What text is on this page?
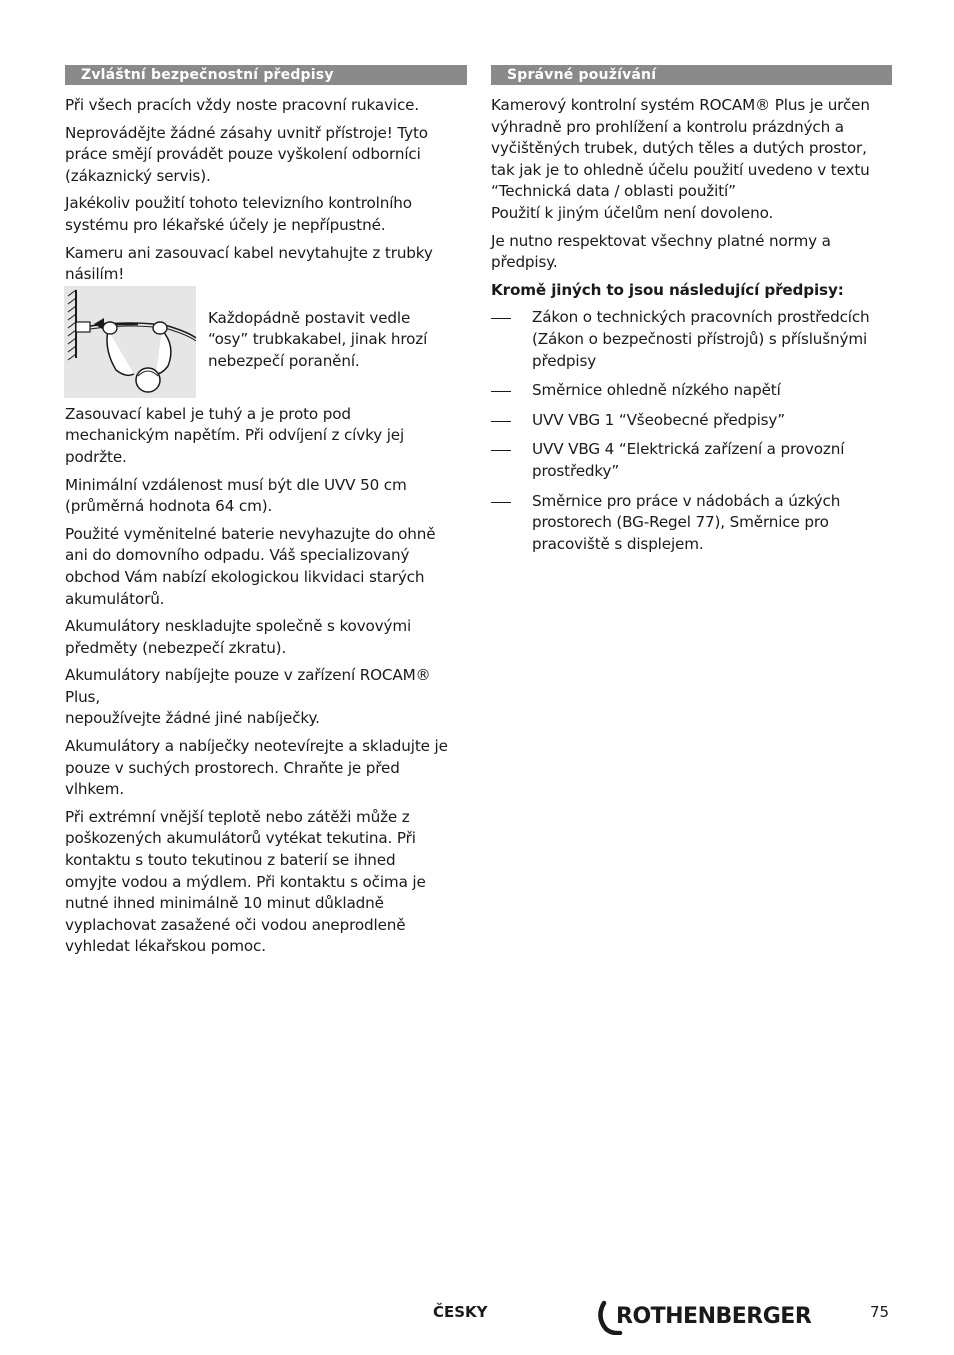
Zvláštní bezpečnostní předpisy

Při všech pracích vždy noste pracovní rukavice.

Neprovádějte žádné zásahy uvnitř přístroje! Tyto
práce smějí provádět pouze vyškolení odborníci
(zákaznický servis).

Jakékoliv použití tohoto televizního kontrolního
systému pro lékařské účely je nepřípustné.

Kameru ani zasouvací kabel nevytahujte z trubky
násilím!

Každopádně postavit vedle
“osy” trubkakabel, jinak hrozí
nebezpečí poranění.

Zasouvací kabel je tuhý a je proto pod
mechanickým napětím. Při odvíjení z cívky jej
podržte.

Minimální vzdálenost musí být dle UVV 50 cm
(průměrná hodnota 64 cm).

Použité vyměnitelné baterie nevyhazujte do ohně
ani do domovního odpadu. Váš specializovaný
obchod Vám nabízí ekologickou likvidaci starých
akumulátorů.

Akumulátory neskladujte společně s kovovými
předměty (nebezpečí zkratu).

Akumulátory nabíjejte pouze v zařízení ROCAM®
Plus,
nepoužívejte žádné jiné nabíječky.

Akumulátory a nabíječky neotevírejte a skladujte je
pouze v suchých prostorech. Chraňte je před
vlhkem.

Při extrémní vnější teplotě nebo zátěži může z
poškozených akumulátorů vytékat tekutina. Při
kontaktu s touto tekutinou z baterií se ihned
omyjte vodou a mýdlem. Při kontaktu s očima je
nutné ihned minimálně 10 minut důkladně
vyplachovat zasažené oči vodou aneprodleně
vyhledat lékařskou pomoc.

Správné používání

Kamerový kontrolní systém ROCAM® Plus je určen
výhradně pro prohlížení a kontrolu prázdných a
vyčištěných trubek, dutých těles a dutých prostor,
tak jak je to ohledně účelu použití uvedeno v textu
“Technická data / oblasti použití”
Použití k jiným účelům není dovoleno.

Je nutno respektovat všechny platné normy a
předpisy.

Kromě jiných to jsou následující předpisy:

Zákon o technických pracovních prostředcích
(Zákon o bezpečnosti přístrojů) s příslušnými
předpisy
Směrnice ohledně nízkého napětí
UVV VBG 1 “Všeobecné předpisy”
UVV VBG 4 “Elektrická zařízení a provozní
prostředky”
Směrnice pro práce v nádobách a úzkých
prostorech (BG-Regel 77), Směrnice pro
pracoviště s displejem.
ČESKY	ROTHENBERGER	75
